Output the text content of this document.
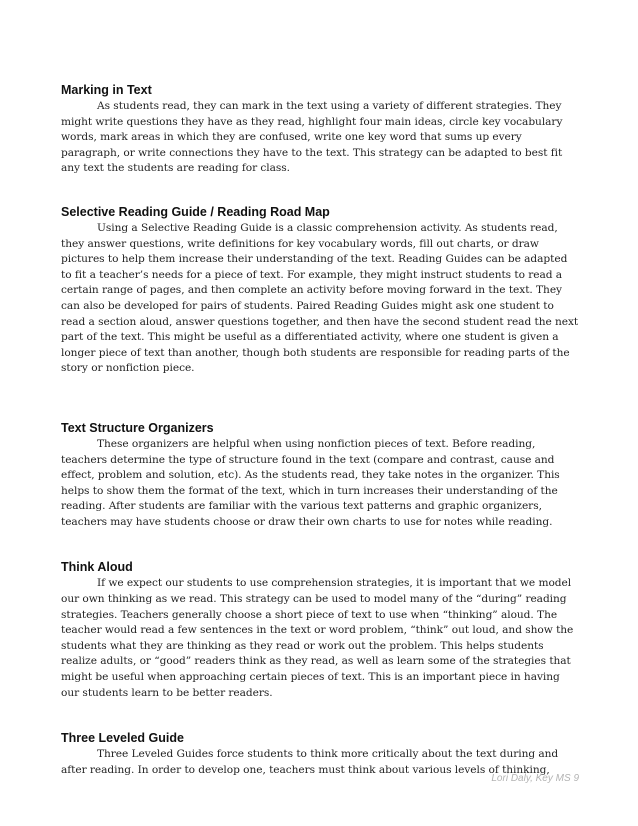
Marking in Text

As students read, they can mark in the text using a variety of different strategies. They might write questions they have as they read, highlight four main ideas, circle key vocabulary words, mark areas in which they are confused, write one key word that sums up every paragraph, or write connections they have to the text. This strategy can be adapted to best fit any text the students are reading for class.

Selective Reading Guide / Reading Road Map

Using a Selective Reading Guide is a classic comprehension activity. As students read, they answer questions, write definitions for key vocabulary words, fill out charts, or draw pictures to help them increase their understanding of the text. Reading Guides can be adapted to fit a teacher’s needs for a piece of text. For example, they might instruct students to read a certain range of pages, and then complete an activity before moving forward in the text. They can also be developed for pairs of students. Paired Reading Guides might ask one student to read a section aloud, answer questions together, and then have the second student read the next part of the text. This might be useful as a differentiated activity, where one student is given a longer piece of text than another, though both students are responsible for reading parts of the story or nonfiction piece.

Text Structure Organizers

These organizers are helpful when using nonfiction pieces of text. Before reading, teachers determine the type of structure found in the text (compare and contrast, cause and effect, problem and solution, etc). As the students read, they take notes in the organizer. This helps to show them the format of the text, which in turn increases their understanding of the reading. After students are familiar with the various text patterns and graphic organizers, teachers may have students choose or draw their own charts to use for notes while reading.

Think Aloud

If we expect our students to use comprehension strategies, it is important that we model our own thinking as we read. This strategy can be used to model many of the “during” reading strategies. Teachers generally choose a short piece of text to use when “thinking” aloud. The teacher would read a few sentences in the text or word problem, “think” out loud, and show the students what they are thinking as they read or work out the problem. This helps students realize adults, or “good” readers think as they read, as well as learn some of the strategies that might be useful when approaching certain pieces of text. This is an important piece in having our students learn to be better readers.

Three Leveled Guide

Three Leveled Guides force students to think more critically about the text during and after reading. In order to develop one, teachers must think about various levels of thinking,

Lori Daly, Key MS 9
